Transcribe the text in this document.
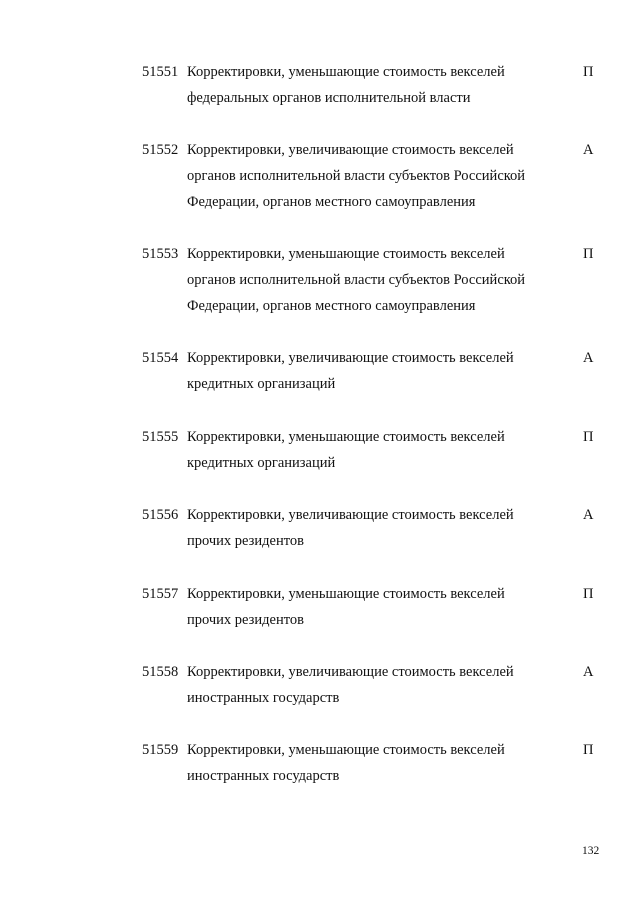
51551 Корректировки, уменьшающие стоимость векселей
федеральных органов исполнительной власти
П
51552 Корректировки, увеличивающие стоимость векселей
органов исполнительной власти субъектов Российской
Федерации, органов местного самоуправления
А
51553 Корректировки, уменьшающие стоимость векселей
органов исполнительной власти субъектов Российской
Федерации, органов местного самоуправления
П
51554 Корректировки, увеличивающие стоимость векселей
кредитных организаций
А
51555 Корректировки, уменьшающие стоимость векселей
кредитных организаций
П
51556 Корректировки, увеличивающие стоимость векселей
прочих резидентов
А
51557 Корректировки, уменьшающие стоимость векселей
прочих резидентов
П
51558 Корректировки, увеличивающие стоимость векселей
иностранных государств
А
51559 Корректировки, уменьшающие стоимость векселей
иностранных государств
П
132
